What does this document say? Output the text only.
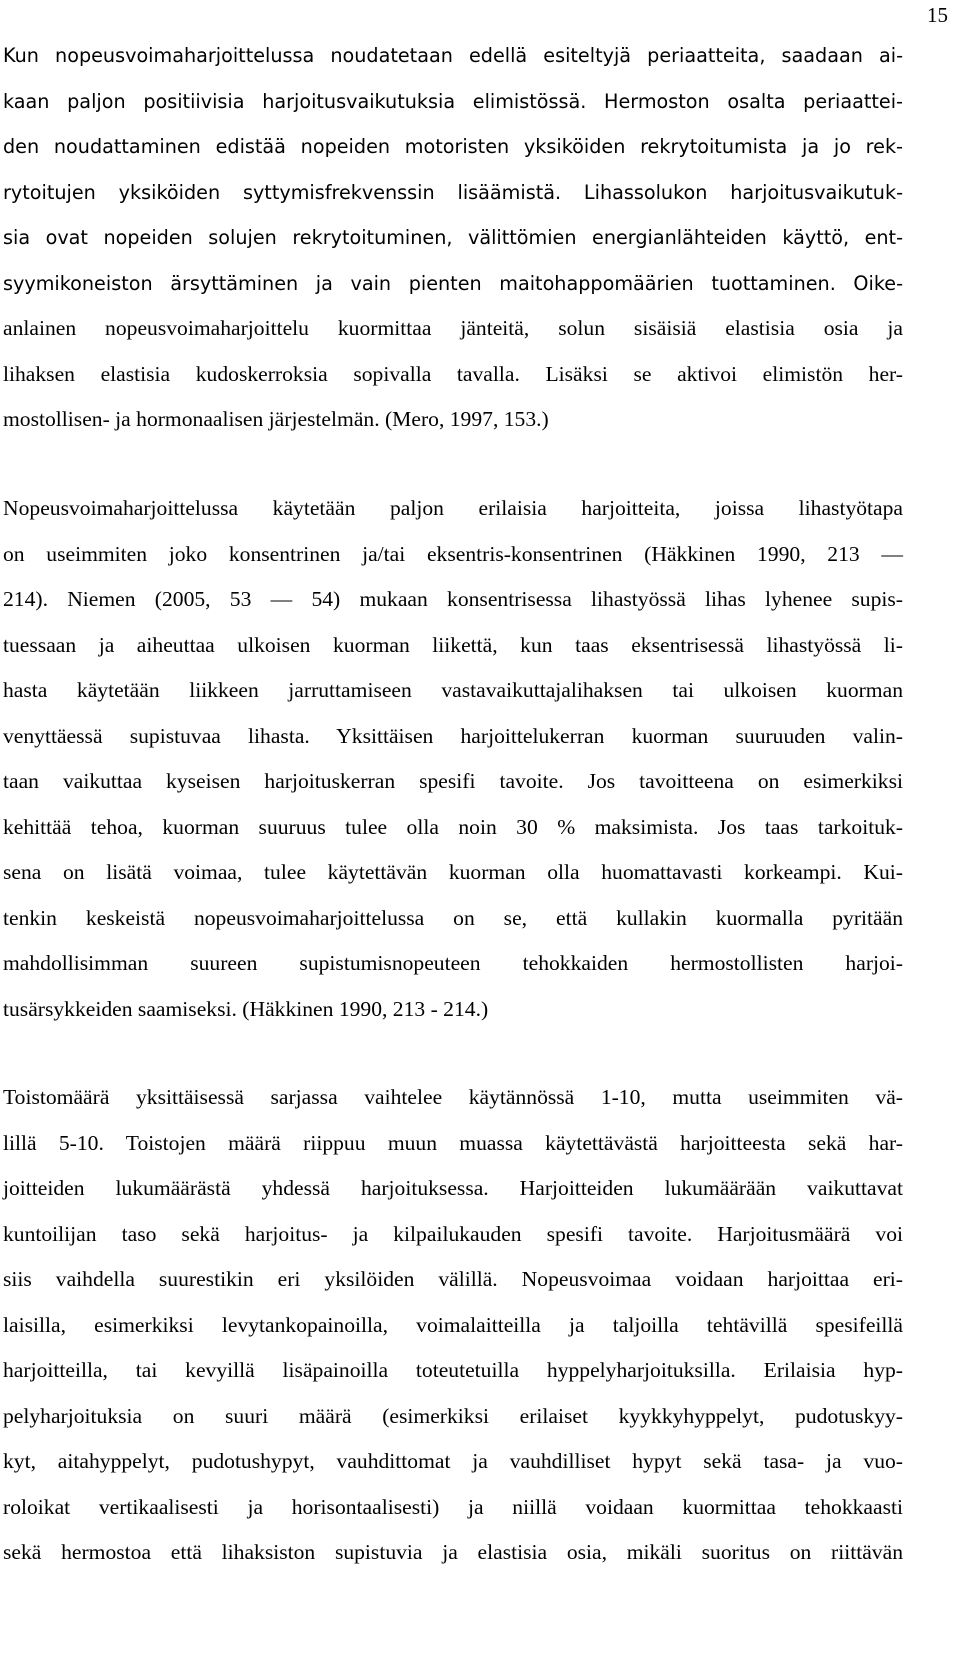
15
Kun nopeusvoimaharjoittelussa noudatetaan edellä esiteltyjä periaatteita, saadaan ai-
kaan paljon positiivisia harjoitusvaikutuksia elimistössä. Hermoston osalta periaattei-
den noudattaminen edistää nopeiden motoristen yksiköiden rekrytoitumista ja jo rek-
rytoitujen yksiköiden syttymisfrekvenssin lisäämistä. Lihassolukon harjoitusvaikutuk-
sia ovat nopeiden solujen rekrytoituminen, välittömien energianlähteiden käyttö, ent-
syymikoneiston ärsyttäminen ja vain pienten maitohappomäärien tuottaminen. Oike-
anlainen nopeusvoimaharjoittelu kuormittaa jänteitä, solun sisäisiä elastisia osia ja
lihaksen elastisia kudoskerroksia sopivalla tavalla. Lisäksi se aktivoi elimistön her-
mostollisen- ja hormonaalisen järjestelmän. (Mero, 1997, 153.)
Nopeusvoimaharjoittelussa käytetään paljon erilaisia harjoitteita, joissa lihastyötapa
on useimmiten joko konsentrinen ja/tai eksentris-konsentrinen (Häkkinen 1990, 213 —
214). Niemen (2005, 53 — 54) mukaan konsentrisessa lihastyössä lihas lyhenee supis-
tuessaan ja aiheuttaa ulkoisen kuorman liikettä, kun taas eksentrisessä lihastyössä li-
hasta käytetään liikkeen jarruttamiseen vastavaikuttajalihaksen tai ulkoisen kuorman
venyttäessä supistuvaa lihasta. Yksittäisen harjoittelukerran kuorman suuruuden valin-
taan vaikuttaa kyseisen harjoituskerran spesifi tavoite. Jos tavoitteena on esimerkiksi
kehittää tehoa, kuorman suuruus tulee olla noin 30 % maksimista. Jos taas tarkoituk-
sena on lisätä voimaa, tulee käytettävän kuorman olla huomattavasti korkeampi. Kui-
tenkin keskeistä nopeusvoimaharjoittelussa on se, että kullakin kuormalla pyritään
mahdollisimman suureen supistumisnopeuteen tehokkaiden hermostollisten harjoi-
tusärsykkeiden saamiseksi. (Häkkinen 1990, 213 - 214.)
Toistomäärä yksittäisessä sarjassa vaihtelee käytännössä 1-10, mutta useimmiten vä-
lillä 5-10. Toistojen määrä riippuu muun muassa käytettävästä harjoitteesta sekä har-
joitteiden lukumäärästä yhdessä harjoituksessa. Harjoitteiden lukumäärään vaikuttavat
kuntoilijan taso sekä harjoitus- ja kilpailukauden spesifi tavoite. Harjoitusmäärä voi
siis vaihdella suurestikin eri yksilöiden välillä. Nopeusvoimaa voidaan harjoittaa eri-
laisilla, esimerkiksi levytankopainoilla, voimalaitteilla ja taljoilla tehtävillä spesifeillä
harjoitteilla, tai kevyillä lisäpainoilla toteutetuilla hyppelyharjoituksilla. Erilaisia hyp-
pelyharjoituksia on suuri määrä (esimerkiksi erilaiset kyykkyhyppelyt, pudotuskyy-
kyt, aitahyppelyt, pudotushypyt, vauhdittomat ja vauhdilliset hypyt sekä tasa- ja vuo-
roloikat vertikaalisesti ja horisontaalisesti) ja niillä voidaan kuormittaa tehokkaasti
sekä hermostoa että lihaksiston supistuvia ja elastisia osia, mikäli suoritus on riittävän
